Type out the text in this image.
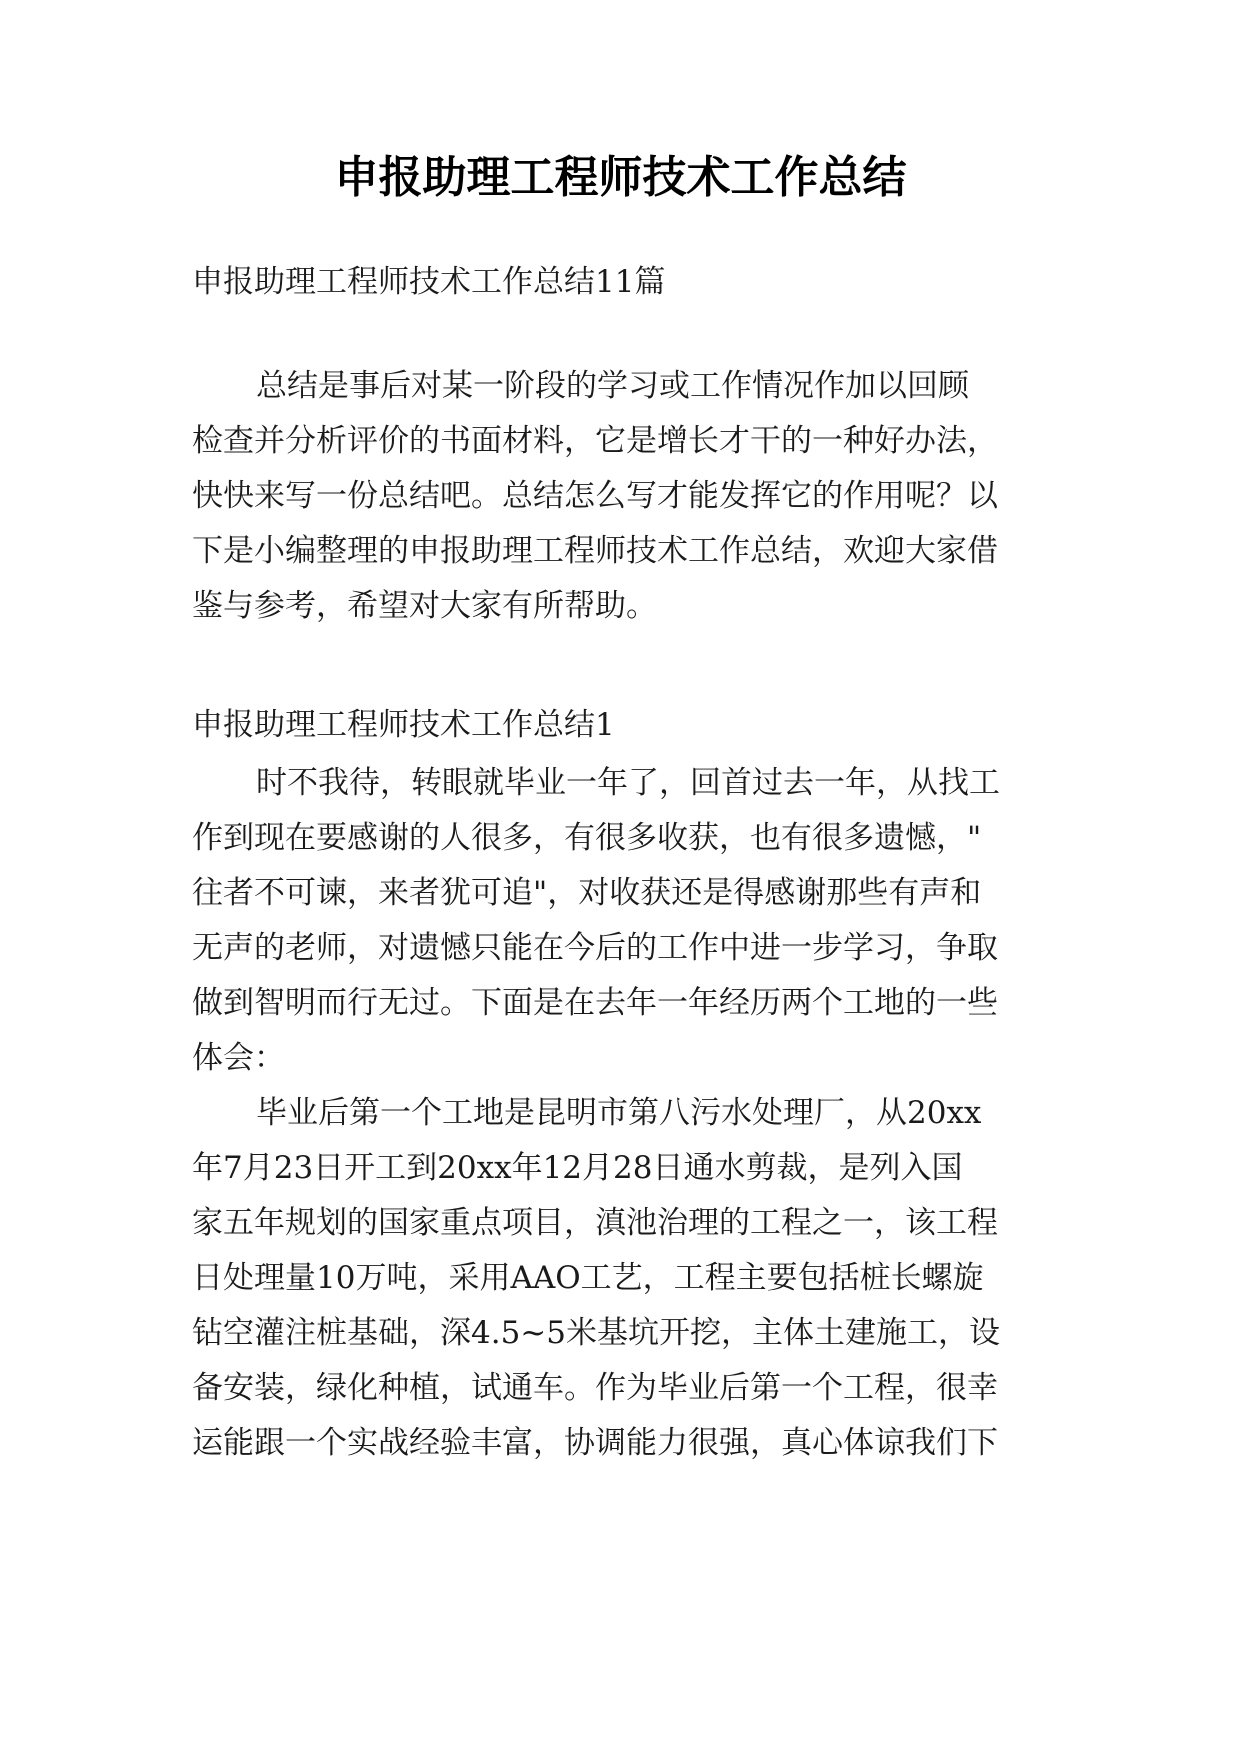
申报助理工程师技术工作总结
申报助理工程师技术工作总结11篇
总结是事后对某一阶段的学习或工作情况作加以回顾
检查并分析评价的书面材料，它是增长才干的一种好办法，
快快来写一份总结吧。总结怎么写才能发挥它的作用呢？以
下是小编整理的申报助理工程师技术工作总结，欢迎大家借
鉴与参考，希望对大家有所帮助。
申报助理工程师技术工作总结1
时不我待，转眼就毕业一年了，回首过去一年，从找工
作到现在要感谢的人很多，有很多收获，也有很多遗憾，"
往者不可谏，来者犹可追"，对收获还是得感谢那些有声和
无声的老师，对遗憾只能在今后的工作中进一步学习，争取
做到智明而行无过。下面是在去年一年经历两个工地的一些
体会：
毕业后第一个工地是昆明市第八污水处理厂，从20xx
年7月23日开工到20xx年12月28日通水剪裁，是列入国
家五年规划的国家重点项目，滇池治理的工程之一，该工程
日处理量10万吨，采用AAO工艺，工程主要包括桩长螺旋
钻空灌注桩基础，深4.5~5米基坑开挖，主体土建施工，设
备安装，绿化种植，试通车。作为毕业后第一个工程，很幸
运能跟一个实战经验丰富，协调能力很强，真心体谅我们下
